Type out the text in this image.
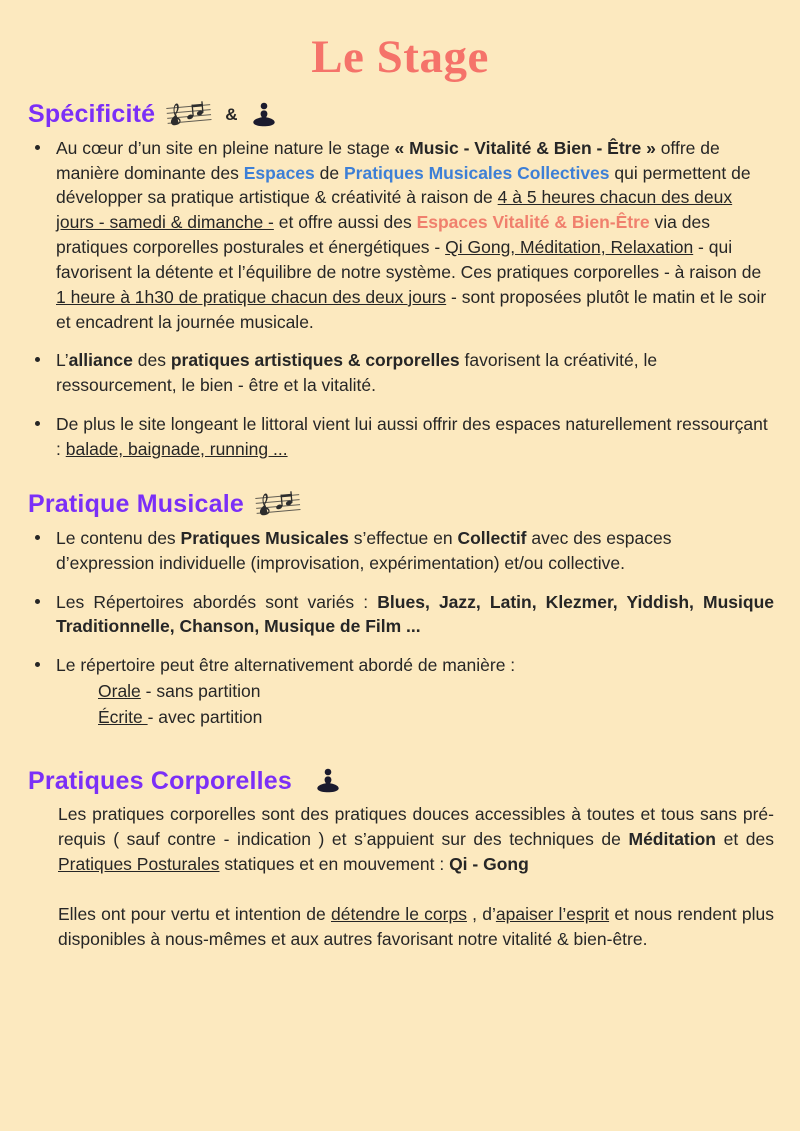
Le Stage
Spécificité	&
Au cœur d’un site en pleine nature le stage « Music - Vitalité & Bien - Être » offre de manière dominante des Espaces de Pratiques Musicales Collectives qui permettent de développer sa pratique artistique & créativité à raison de 4 à 5 heures chacun des deux jours - samedi & dimanche - et offre aussi des Espaces Vitalité & Bien-Être via des pratiques corporelles posturales et énergétiques - Qi Gong, Méditation, Relaxation - qui favorisent la détente et l’équilibre de notre système. Ces pratiques corporelles - à raison de 1 heure à 1h30 de pratique chacun des deux jours - sont proposées plutôt le matin et le soir et encadrent la journée musicale.
L’alliance des pratiques artistiques & corporelles favorisent la créativité, le ressourcement, le bien - être et la vitalité.
De plus le site longeant le littoral vient lui aussi offrir des espaces naturellement ressourçant : balade, baignade, running ...
Pratique Musicale
Le contenu des Pratiques Musicales s’effectue en Collectif avec des espaces d’expression individuelle (improvisation, expérimentation) et/ou collective.
Les Répertoires abordés sont variés : Blues, Jazz, Latin, Klezmer, Yiddish, Musique Traditionnelle, Chanson, Musique de Film ...
Le répertoire peut être alternativement abordé de manière :
Orale - sans partition
Écrite - avec partition
Pratiques Corporelles

Les pratiques corporelles sont des pratiques douces accessibles à toutes et tous sans pré-requis ( sauf contre - indication ) et s’appuient sur des techniques de Méditation et des Pratiques Posturales statiques et en mouvement : Qi - Gong

Elles ont pour vertu et intention de détendre le corps , d’apaiser l’esprit et nous rendent plus disponibles à nous-mêmes et aux autres favorisant notre vitalité & bien-être.
